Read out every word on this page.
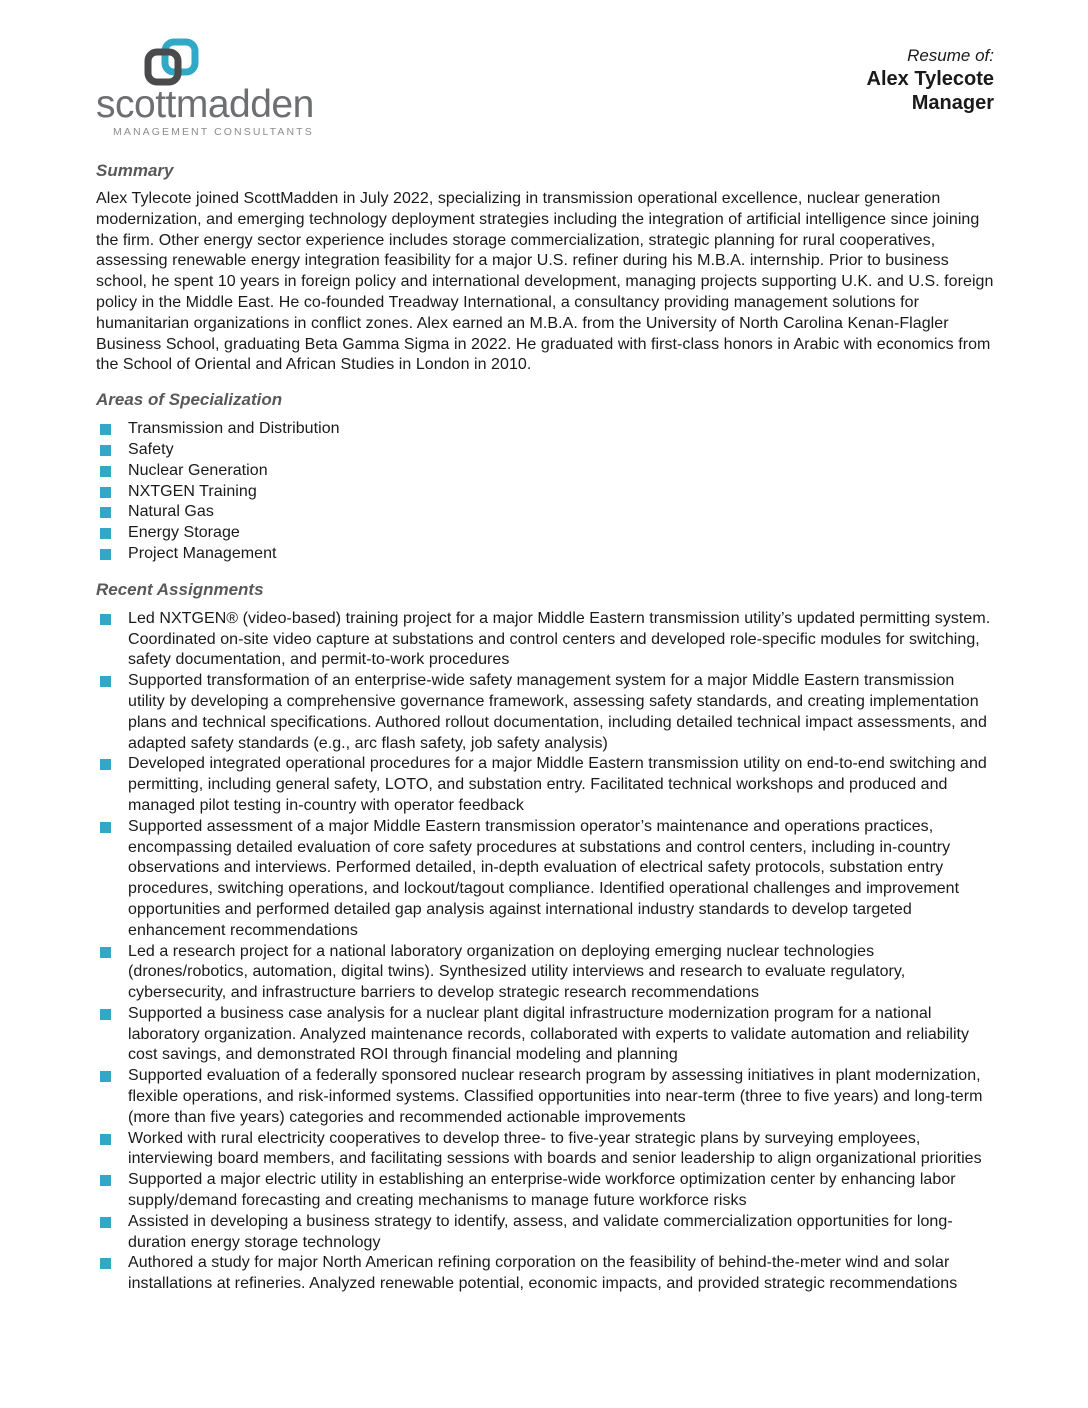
scottmadden
MANAGEMENT CONSULTANTS
Resume of:
Alex Tylecote
Manager
Summary

Alex Tylecote joined ScottMadden in July 2022, specializing in transmission operational excellence, nuclear generation modernization, and emerging technology deployment strategies including the integration of artificial intelligence since joining the firm. Other energy sector experience includes storage commercialization, strategic planning for rural cooperatives, assessing renewable energy integration feasibility for a major U.S. refiner during his M.B.A. internship. Prior to business school, he spent 10 years in foreign policy and international development, managing projects supporting U.K. and U.S. foreign policy in the Middle East. He co-founded Treadway International, a consultancy providing management solutions for humanitarian organizations in conflict zones. Alex earned an M.B.A. from the University of North Carolina Kenan-Flagler Business School, graduating Beta Gamma Sigma in 2022. He graduated with first-class honors in Arabic with economics from the School of Oriental and African Studies in London in 2010.

Areas of Specialization
Transmission and Distribution
Safety
Nuclear Generation
NXTGEN Training
Natural Gas
Energy Storage
Project Management
Recent Assignments
Led NXTGEN® (video-based) training project for a major Middle Eastern transmission utility’s updated permitting system. Coordinated on-site video capture at substations and control centers and developed role-specific modules for switching, safety documentation, and permit-to-work procedures
Supported transformation of an enterprise-wide safety management system for a major Middle Eastern transmission utility by developing a comprehensive governance framework, assessing safety standards, and creating implementation plans and technical specifications. Authored rollout documentation, including detailed technical impact assessments, and adapted safety standards (e.g., arc flash safety, job safety analysis)
Developed integrated operational procedures for a major Middle Eastern transmission utility on end-to-end switching and permitting, including general safety, LOTO, and substation entry. Facilitated technical workshops and produced and managed pilot testing in-country with operator feedback
Supported assessment of a major Middle Eastern transmission operator’s maintenance and operations practices, encompassing detailed evaluation of core safety procedures at substations and control centers, including in-country observations and interviews. Performed detailed, in-depth evaluation of electrical safety protocols, substation entry procedures, switching operations, and lockout/tagout compliance. Identified operational challenges and improvement opportunities and performed detailed gap analysis against international industry standards to develop targeted enhancement recommendations
Led a research project for a national laboratory organization on deploying emerging nuclear technologies (drones/robotics, automation, digital twins). Synthesized utility interviews and research to evaluate regulatory, cybersecurity, and infrastructure barriers to develop strategic research recommendations
Supported a business case analysis for a nuclear plant digital infrastructure modernization program for a national laboratory organization. Analyzed maintenance records, collaborated with experts to validate automation and reliability cost savings, and demonstrated ROI through financial modeling and planning
Supported evaluation of a federally sponsored nuclear research program by assessing initiatives in plant modernization, flexible operations, and risk-informed systems. Classified opportunities into near-term (three to five years) and long-term (more than five years) categories and recommended actionable improvements
Worked with rural electricity cooperatives to develop three- to five-year strategic plans by surveying employees, interviewing board members, and facilitating sessions with boards and senior leadership to align organizational priorities
Supported a major electric utility in establishing an enterprise-wide workforce optimization center by enhancing labor supply/demand forecasting and creating mechanisms to manage future workforce risks
Assisted in developing a business strategy to identify, assess, and validate commercialization opportunities for long-duration energy storage technology
Authored a study for major North American refining corporation on the feasibility of behind-the-meter wind and solar installations at refineries. Analyzed renewable potential, economic impacts, and provided strategic recommendations
